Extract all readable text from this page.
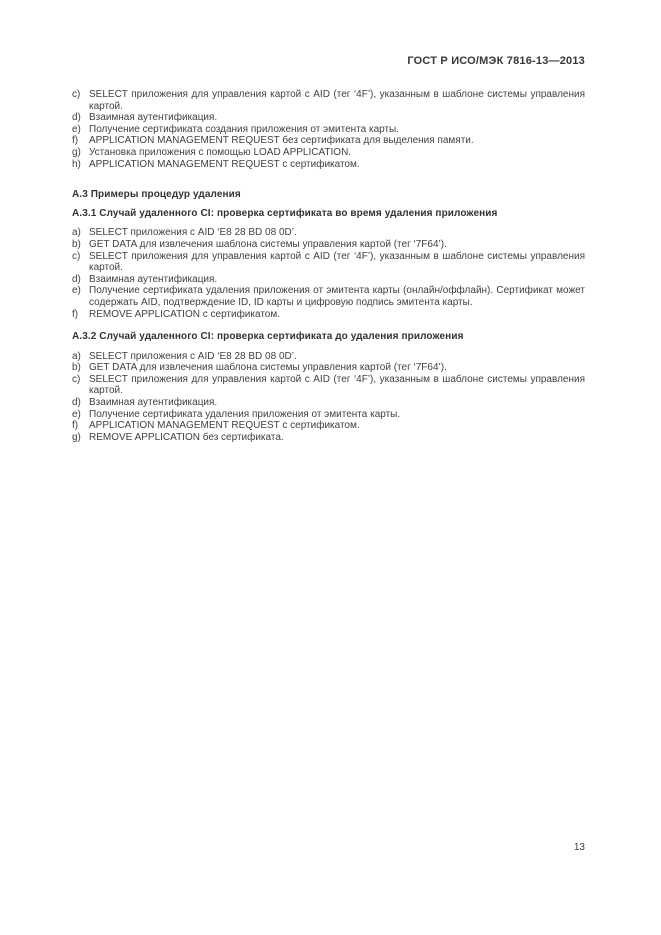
ГОСТ Р ИСО/МЭК 7816-13—2013
c) SELECT приложения для управления картой с AID (тег ‘4F’), указанным в шаблоне системы управления картой.
d) Взаимная аутентификация.
e) Получение сертификата создания приложения от эмитента карты.
f) APPLICATION MANAGEMENT REQUEST без сертификата для выделения памяти.
g) Установка приложения с помощью LOAD APPLICATION.
h) APPLICATION MANAGEMENT REQUEST с сертификатом.
А.3 Примеры процедур удаления
А.3.1 Случай удаленного CI: проверка сертификата во время удаления приложения
a) SELECT приложения с AID ‘E8 28 BD 08 0D’.
b) GET DATA для извлечения шаблона системы управления картой (тег ‘7F64’).
c) SELECT приложения для управления картой с AID (тег ‘4F’), указанным в шаблоне системы управления картой.
d) Взаимная аутентификация.
e) Получение сертификата удаления приложения от эмитента карты (онлайн/оффлайн). Сертификат может содержать AID, подтверждение ID, ID карты и цифровую подпись эмитента карты.
f) REMOVE APPLICATION с сертификатом.
А.3.2 Случай удаленного CI: проверка сертификата до удаления приложения
a) SELECT приложения с AID ‘E8 28 BD 08 0D’.
b) GET DATA для извлечения шаблона системы управления картой (тег ‘7F64’).
c) SELECT приложения для управления картой с AID (тег ‘4F’), указанным в шаблоне системы управления картой.
d) Взаимная аутентификация.
e) Получение сертификата удаления приложения от эмитента карты.
f) APPLICATION MANAGEMENT REQUEST с сертификатом.
g) REMOVE APPLICATION без сертификата.
13
